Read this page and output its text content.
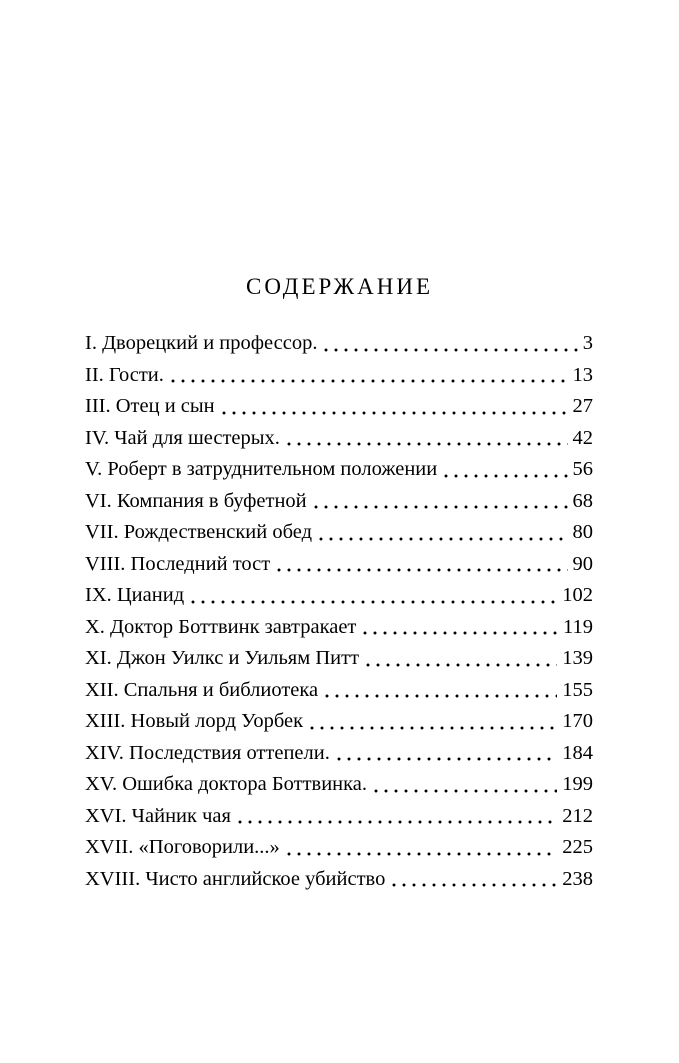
СОДЕРЖАНИЕ
I. Дворецкий и профессор.	3
II. Гости.	13
III. Отец и сын	27
IV. Чай для шестерых.	42
V. Роберт в затруднительном положении	56
VI. Компания в буфетной	68
VII. Рождественский обед	80
VIII. Последний тост	90
IX. Цианид	102
X. Доктор Боттвинк завтракает	119
XI. Джон Уилкс и Уильям Питт	139
XII. Спальня и библиотека	155
XIII. Новый лорд Уорбек	170
XIV. Последствия оттепели.	184
XV. Ошибка доктора Боттвинка.	199
XVI. Чайник чая	212
XVII. «Поговорили...»	225
XVIII. Чисто английское убийство	238
